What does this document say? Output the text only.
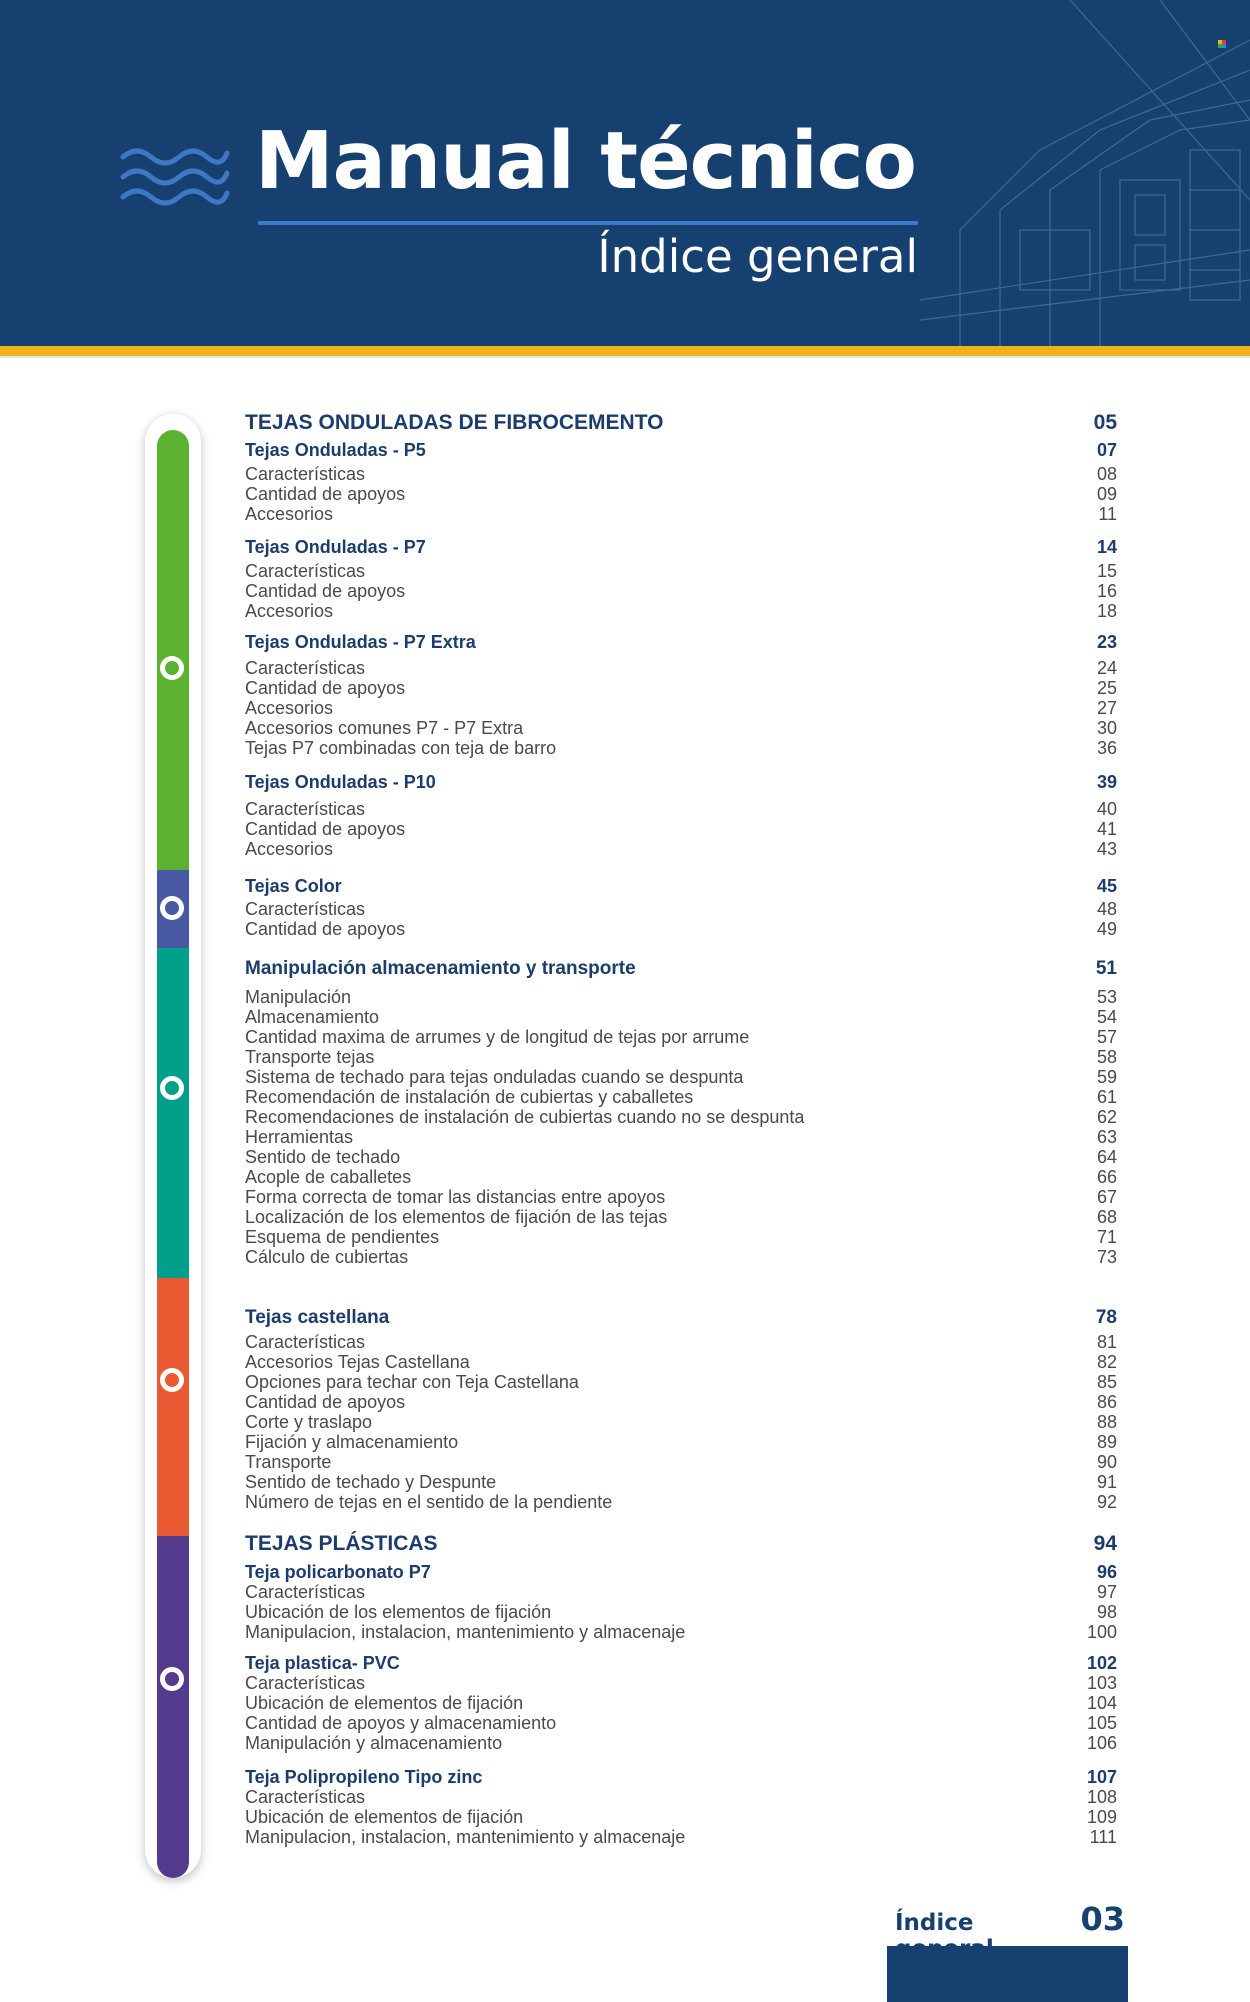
Manual técnico
Índice general
TEJAS ONDULADAS DE FIBROCEMENTO	05
Tejas Onduladas - P5	07
Características	08
Cantidad de apoyos	09
Accesorios	11
Tejas Onduladas - P7	14
Características	15
Cantidad de apoyos	16
Accesorios	18
Tejas Onduladas - P7 Extra	23
Características	24
Cantidad de apoyos	25
Accesorios	27
Accesorios comunes P7 - P7 Extra	30
Tejas P7 combinadas con teja de barro	36
Tejas Onduladas - P10	39
Características	40
Cantidad de apoyos	41
Accesorios	43
Tejas Color	45
Características	48
Cantidad de apoyos	49
Manipulación almacenamiento y transporte	51
Manipulación	53
Almacenamiento	54
Cantidad maxima de arrumes y de longitud de tejas por arrume	57
Transporte tejas	58
Sistema de techado para tejas onduladas cuando se despunta	59
Recomendación de instalación de cubiertas y caballetes	61
Recomendaciones de instalación de cubiertas cuando no se despunta	62
Herramientas	63
Sentido de techado	64
Acople de caballetes	66
Forma correcta de tomar las distancias entre apoyos	67
Localización de los elementos de fijación de las tejas	68
Esquema de pendientes	71
Cálculo de cubiertas	73
Tejas castellana	78
Características	81
Accesorios Tejas Castellana	82
Opciones para techar con Teja Castellana	85
Cantidad de apoyos	86
Corte y traslapo	88
Fijación y almacenamiento	89
Transporte	90
Sentido de techado y Despunte	91
Número de tejas en el sentido de la pendiente	92
TEJAS PLÁSTICAS	94
Teja policarbonato P7	96
Características	97
Ubicación de los elementos de fijación	98
Manipulacion, instalacion, mantenimiento y almacenaje	100
Teja plastica- PVC	102
Características	103
Ubicación de elementos de fijación	104
Cantidad de apoyos y almacenamiento	105
Manipulación y almacenamiento	106
Teja Polipropileno Tipo zinc	107
Características	108
Ubicación de elementos de fijación	109
Manipulacion, instalacion, mantenimiento y almacenaje	111
Índice	03
